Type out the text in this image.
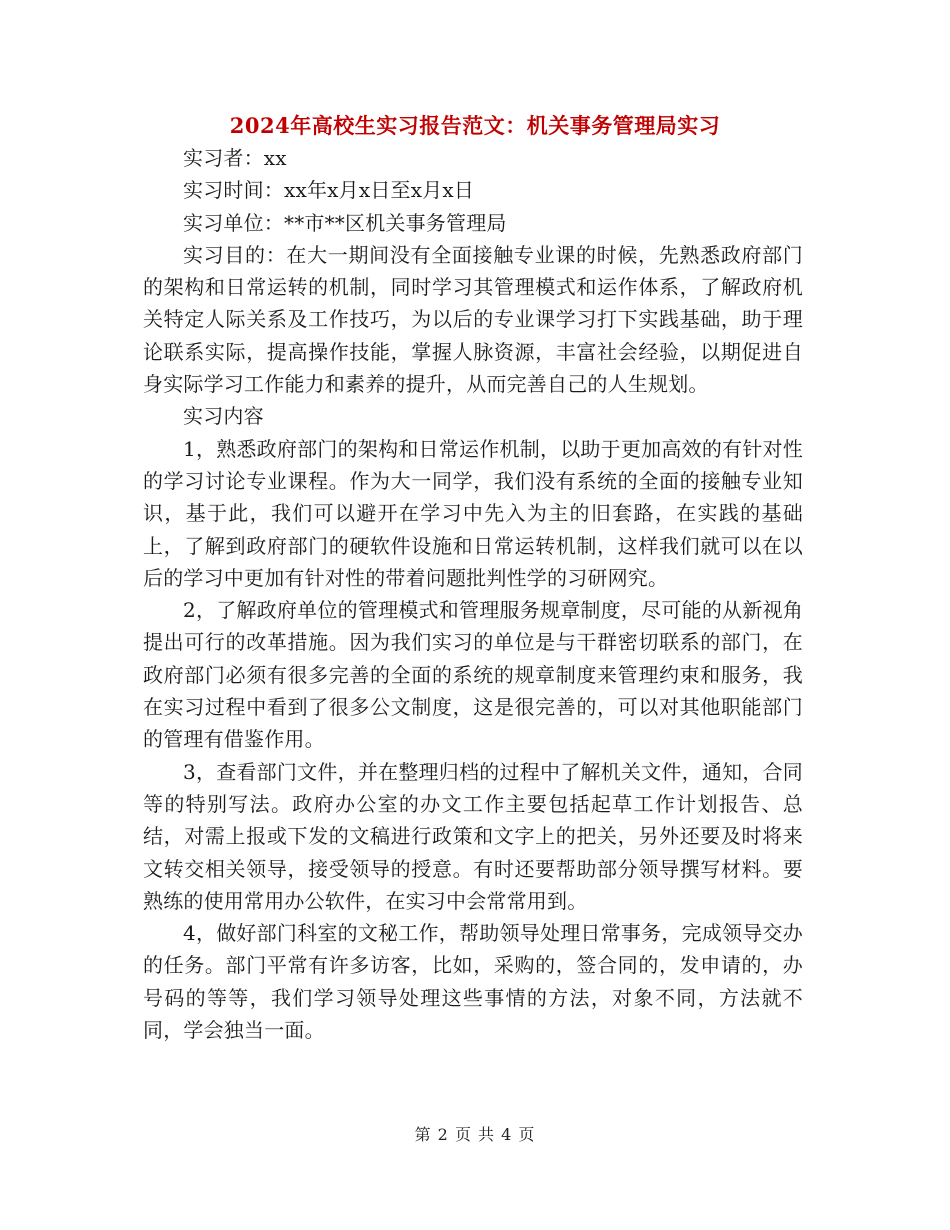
2024年高校生实习报告范文：机关事务管理局实习

实习者：xx

实习时间：xx年x月x日至x月x日

实习单位：**市**区机关事务管理局

实习目的：在大一期间没有全面接触专业课的时候，先熟悉政府部门的架构和日常运转的机制，同时学习其管理模式和运作体系，了解政府机关特定人际关系及工作技巧，为以后的专业课学习打下实践基础，助于理论联系实际，提高操作技能，掌握人脉资源，丰富社会经验，以期促进自身实际学习工作能力和素养的提升，从而完善自己的人生规划。

实习内容

1，熟悉政府部门的架构和日常运作机制，以助于更加高效的有针对性的学习讨论专业课程。作为大一同学，我们没有系统的全面的接触专业知识，基于此，我们可以避开在学习中先入为主的旧套路，在实践的基础上，了解到政府部门的硬软件设施和日常运转机制，这样我们就可以在以后的学习中更加有针对性的带着问题批判性学的习研网究。

2，了解政府单位的管理模式和管理服务规章制度，尽可能的从新视角提出可行的改革措施。因为我们实习的单位是与干群密切联系的部门，在政府部门必须有很多完善的全面的系统的规章制度来管理约束和服务，我在实习过程中看到了很多公文制度，这是很完善的，可以对其他职能部门的管理有借鉴作用。

3，查看部门文件，并在整理归档的过程中了解机关文件，通知，合同等的特别写法。政府办公室的办文工作主要包括起草工作计划报告、总结，对需上报或下发的文稿进行政策和文字上的把关，另外还要及时将来文转交相关领导，接受领导的授意。有时还要帮助部分领导撰写材料。要熟练的使用常用办公软件，在实习中会常常用到。

4，做好部门科室的文秘工作，帮助领导处理日常事务，完成领导交办的任务。部门平常有许多访客，比如，采购的，签合同的，发申请的，办号码的等等，我们学习领导处理这些事情的方法，对象不同，方法就不同，学会独当一面。

第 2 页 共 4 页
